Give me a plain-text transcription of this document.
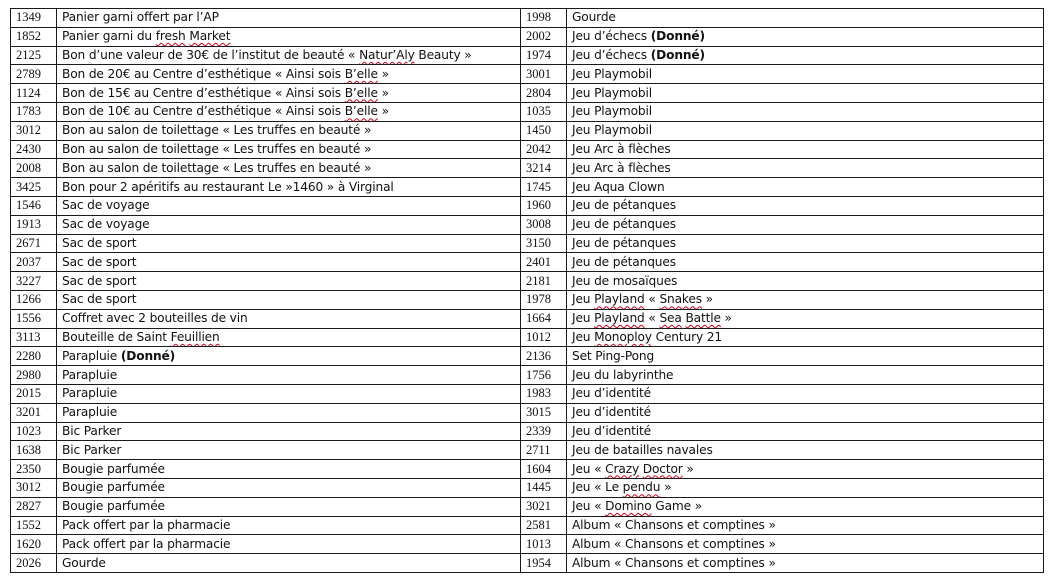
1349	Panier garni offert par l’AP	1998	Gourde
1852	Panier garni du fresh Market	2002	Jeu d’échecs (Donné)
2125	Bon d’une valeur de 30€ de l’institut de beauté « Natur’Aly Beauty »	1974	Jeu d’échecs (Donné)
2789	Bon de 20€ au Centre d’esthétique « Ainsi sois B’elle »	3001	Jeu Playmobil
1124	Bon de 15€ au Centre d’esthétique « Ainsi sois B’elle »	2804	Jeu Playmobil
1783	Bon de 10€ au Centre d’esthétique « Ainsi sois B’elle »	1035	Jeu Playmobil
3012	Bon au salon de toilettage « Les truffes en beauté »	1450	Jeu Playmobil
2430	Bon au salon de toilettage « Les truffes en beauté »	2042	Jeu Arc à flèches
2008	Bon au salon de toilettage « Les truffes en beauté »	3214	Jeu Arc à flèches
3425	Bon pour 2 apéritifs au restaurant Le »1460 » à Virginal	1745	Jeu Aqua Clown
1546	Sac de voyage	1960	Jeu de pétanques
1913	Sac de voyage	3008	Jeu de pétanques
2671	Sac de sport	3150	Jeu de pétanques
2037	Sac de sport	2401	Jeu de pétanques
3227	Sac de sport	2181	Jeu de mosaïques
1266	Sac de sport	1978	Jeu Playland « Snakes »
1556	Coffret avec 2 bouteilles de vin	1664	Jeu Playland « Sea Battle »
3113	Bouteille de Saint Feuillien	1012	Jeu Monoploy Century 21
2280	Parapluie (Donné)	2136	Set Ping-Pong
2980	Parapluie	1756	Jeu du labyrinthe
2015	Parapluie	1983	Jeu d’identité
3201	Parapluie	3015	Jeu d’identité
1023	Bic Parker	2339	Jeu d’identité
1638	Bic Parker	2711	Jeu de batailles navales
2350	Bougie parfumée	1604	Jeu « Crazy Doctor »
3012	Bougie parfumée	1445	Jeu « Le pendu »
2827	Bougie parfumée	3021	Jeu « Domino Game »
1552	Pack offert par la pharmacie	2581	Album « Chansons et comptines »
1620	Pack offert par la pharmacie	1013	Album « Chansons et comptines »
2026	Gourde	1954	Album « Chansons et comptines »
